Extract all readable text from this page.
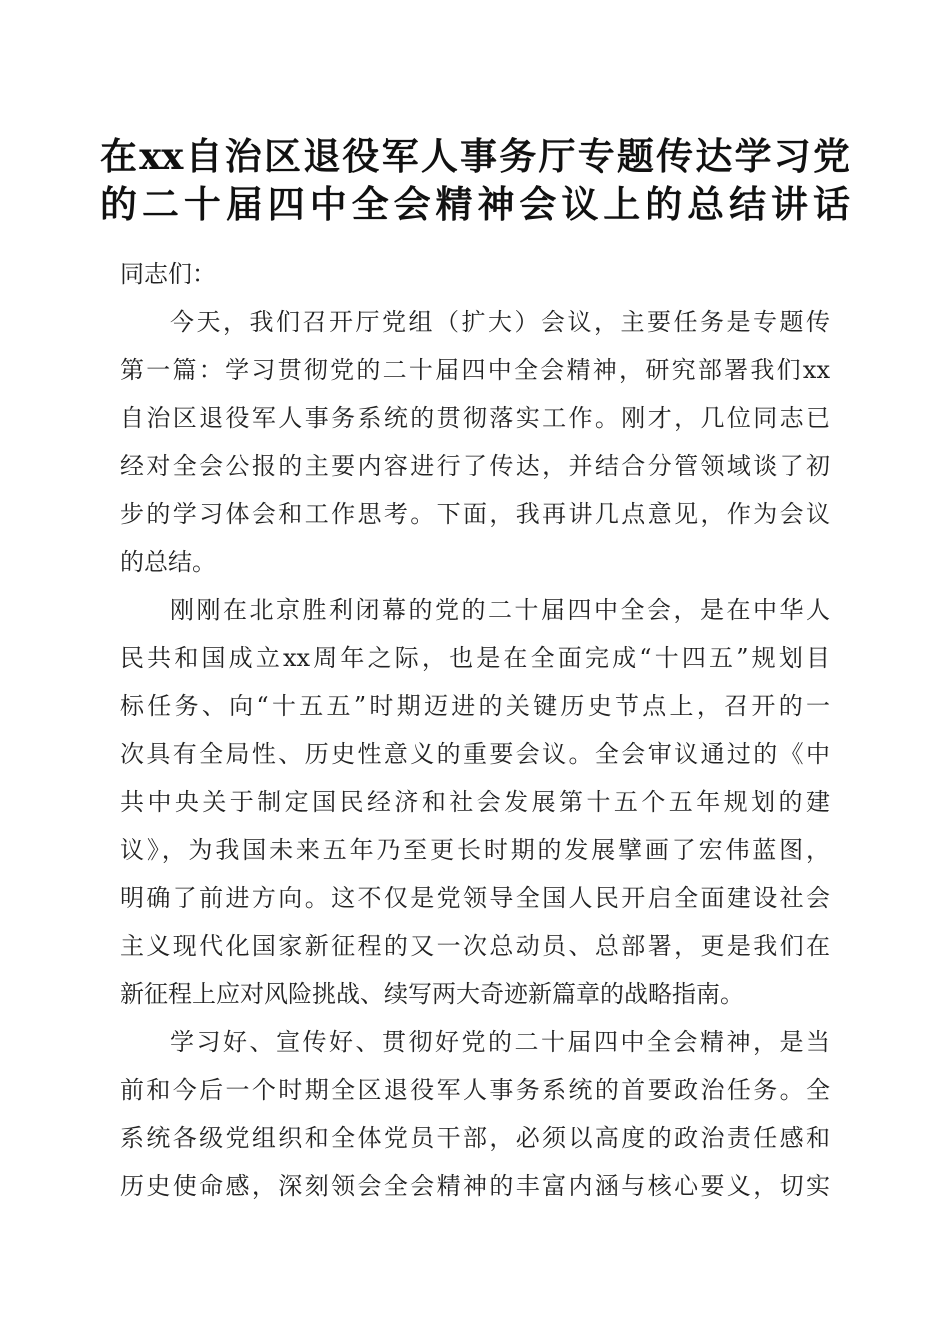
在xx自治区退役军人事务厅专题传达学习党
的二十届四中全会精神会议上的总结讲话
同志们：
今天，我们召开厅党组（扩大）会议，主要任务是专题传
第一篇：学习贯彻党的二十届四中全会精神，研究部署我们xx
自治区退役军人事务系统的贯彻落实工作。刚才，几位同志已
经对全会公报的主要内容进行了传达，并结合分管领域谈了初
步的学习体会和工作思考。下面，我再讲几点意见，作为会议
的总结。
刚刚在北京胜利闭幕的党的二十届四中全会，是在中华人
民共和国成立xx周年之际，也是在全面完成“十四五”规划目
标任务、向“十五五”时期迈进的关键历史节点上，召开的一
次具有全局性、历史性意义的重要会议。全会审议通过的《中
共中央关于制定国民经济和社会发展第十五个五年规划的建
议》，为我国未来五年乃至更长时期的发展擘画了宏伟蓝图，
明确了前进方向。这不仅是党领导全国人民开启全面建设社会
主义现代化国家新征程的又一次总动员、总部署，更是我们在
新征程上应对风险挑战、续写两大奇迹新篇章的战略指南。
学习好、宣传好、贯彻好党的二十届四中全会精神，是当
前和今后一个时期全区退役军人事务系统的首要政治任务。全
系统各级党组织和全体党员干部，必须以高度的政治责任感和
历史使命感，深刻领会全会精神的丰富内涵与核心要义，切实
